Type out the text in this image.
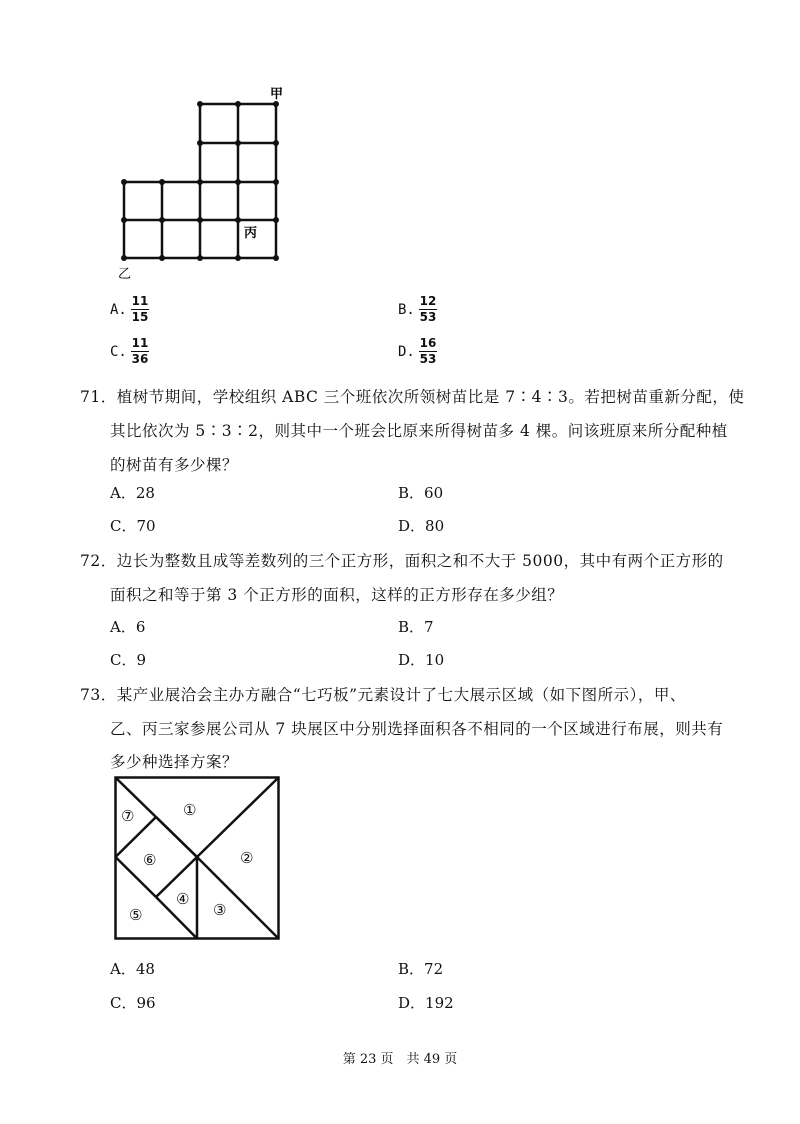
甲
乙
丙
A.
11
15	B.
12
53
C.
11
36	D.
16
53
71．植树节期间，学校组织 ABC 三个班依次所领树苗比是 7∶4∶3。若把树苗重新分配，使
其比依次为 5∶3∶2，则其中一个班会比原来所得树苗多 4 棵。问该班原来所分配种植
的树苗有多少棵？
A．28	B．60
C．70	D．80
72．边长为整数且成等差数列的三个正方形，面积之和不大于 5000，其中有两个正方形的
面积之和等于第 3 个正方形的面积，这样的正方形存在多少组？
A．6	B．7
C．9	D．10
73．某产业展洽会主办方融合“七巧板”元素设计了七大展示区域（如下图所示），甲、
乙、丙三家参展公司从 7 块展区中分别选择面积各不相同的一个区域进行布展，则共有
多少种选择方案？
①
②
③
④
⑤
⑥
⑦
A．48	B．72
C．96	D．192
第 23 页　共 49 页
